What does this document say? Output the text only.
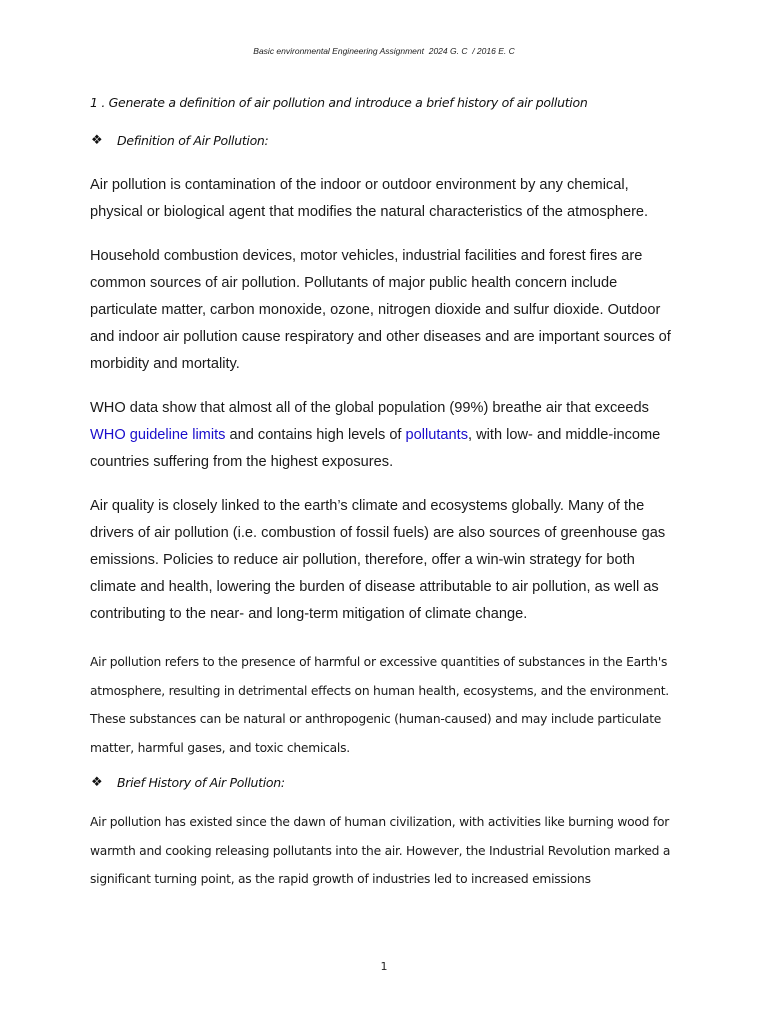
Basic environmental Engineering Assignment  2024 G. C  / 2016 E. C

1 . Generate a definition of air pollution and introduce a brief history of air pollution

❖	Definition of Air Pollution:

Air pollution is contamination of the indoor or outdoor environment by any chemical, physical or biological agent that modifies the natural characteristics of the atmosphere.

Household combustion devices, motor vehicles, industrial facilities and forest fires are common sources of air pollution. Pollutants of major public health concern include particulate matter, carbon monoxide, ozone, nitrogen dioxide and sulfur dioxide. Outdoor and indoor air pollution cause respiratory and other diseases and are important sources of morbidity and mortality.

WHO data show that almost all of the global population (99%) breathe air that exceeds WHO guideline limits and contains high levels of pollutants, with low- and middle-income countries suffering from the highest exposures.

Air quality is closely linked to the earth’s climate and ecosystems globally. Many of the drivers of air pollution (i.e. combustion of fossil fuels) are also sources of greenhouse gas emissions. Policies to reduce air pollution, therefore, offer a win-win strategy for both climate and health, lowering the burden of disease attributable to air pollution, as well as contributing to the near- and long-term mitigation of climate change.

Air pollution refers to the presence of harmful or excessive quantities of substances in the Earth's atmosphere, resulting in detrimental effects on human health, ecosystems, and the environment. These substances can be natural or anthropogenic (human-caused) and may include particulate matter, harmful gases, and toxic chemicals.

❖	Brief History of Air Pollution:

Air pollution has existed since the dawn of human civilization, with activities like burning wood for warmth and cooking releasing pollutants into the air. However, the Industrial Revolution marked a significant turning point, as the rapid growth of industries led to increased emissions

1
